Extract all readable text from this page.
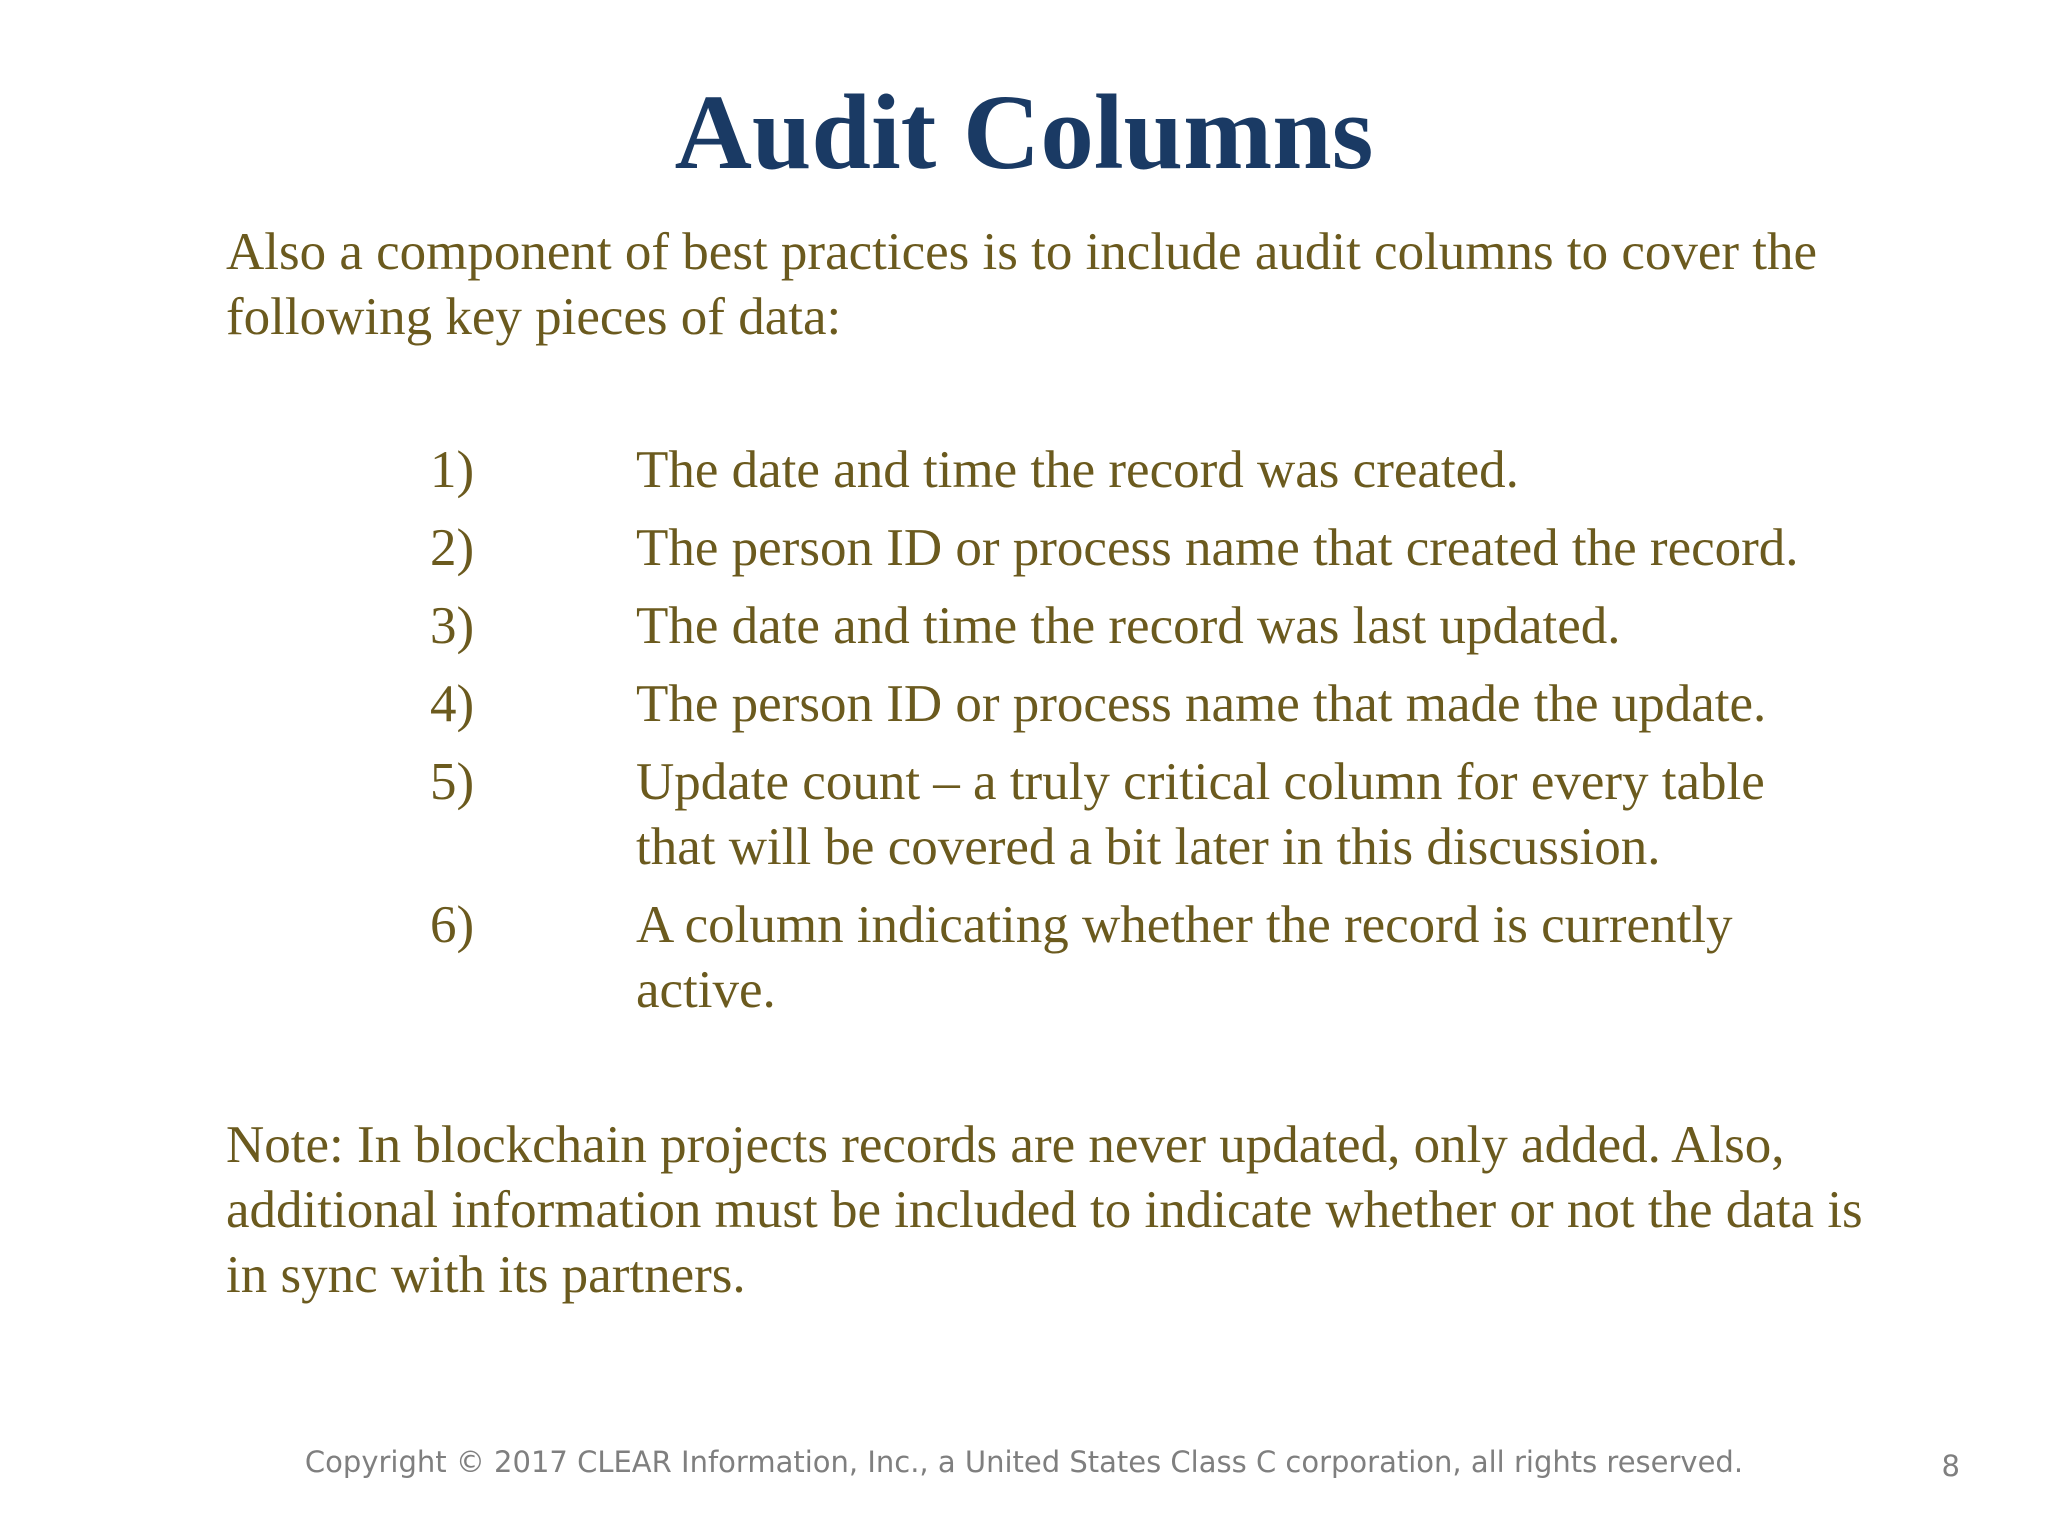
Audit Columns

Also a component of best practices is to include audit columns to cover the following key pieces of data:

1)	The date and time the record was created.
2)	The person ID or process name that created the record.
3)	The date and time the record was last updated.
4)	The person ID or process name that made the update.
5)	Update count – a truly critical column for every table that will be covered a bit later in this discussion.
6)	A column indicating whether the record is currently active.

Note: In blockchain projects records are never updated, only added. Also, additional information must be included to indicate whether or not the data is in sync with its partners.

Copyright © 2017 CLEAR Information, Inc., a United States Class C corporation, all rights reserved.	8
